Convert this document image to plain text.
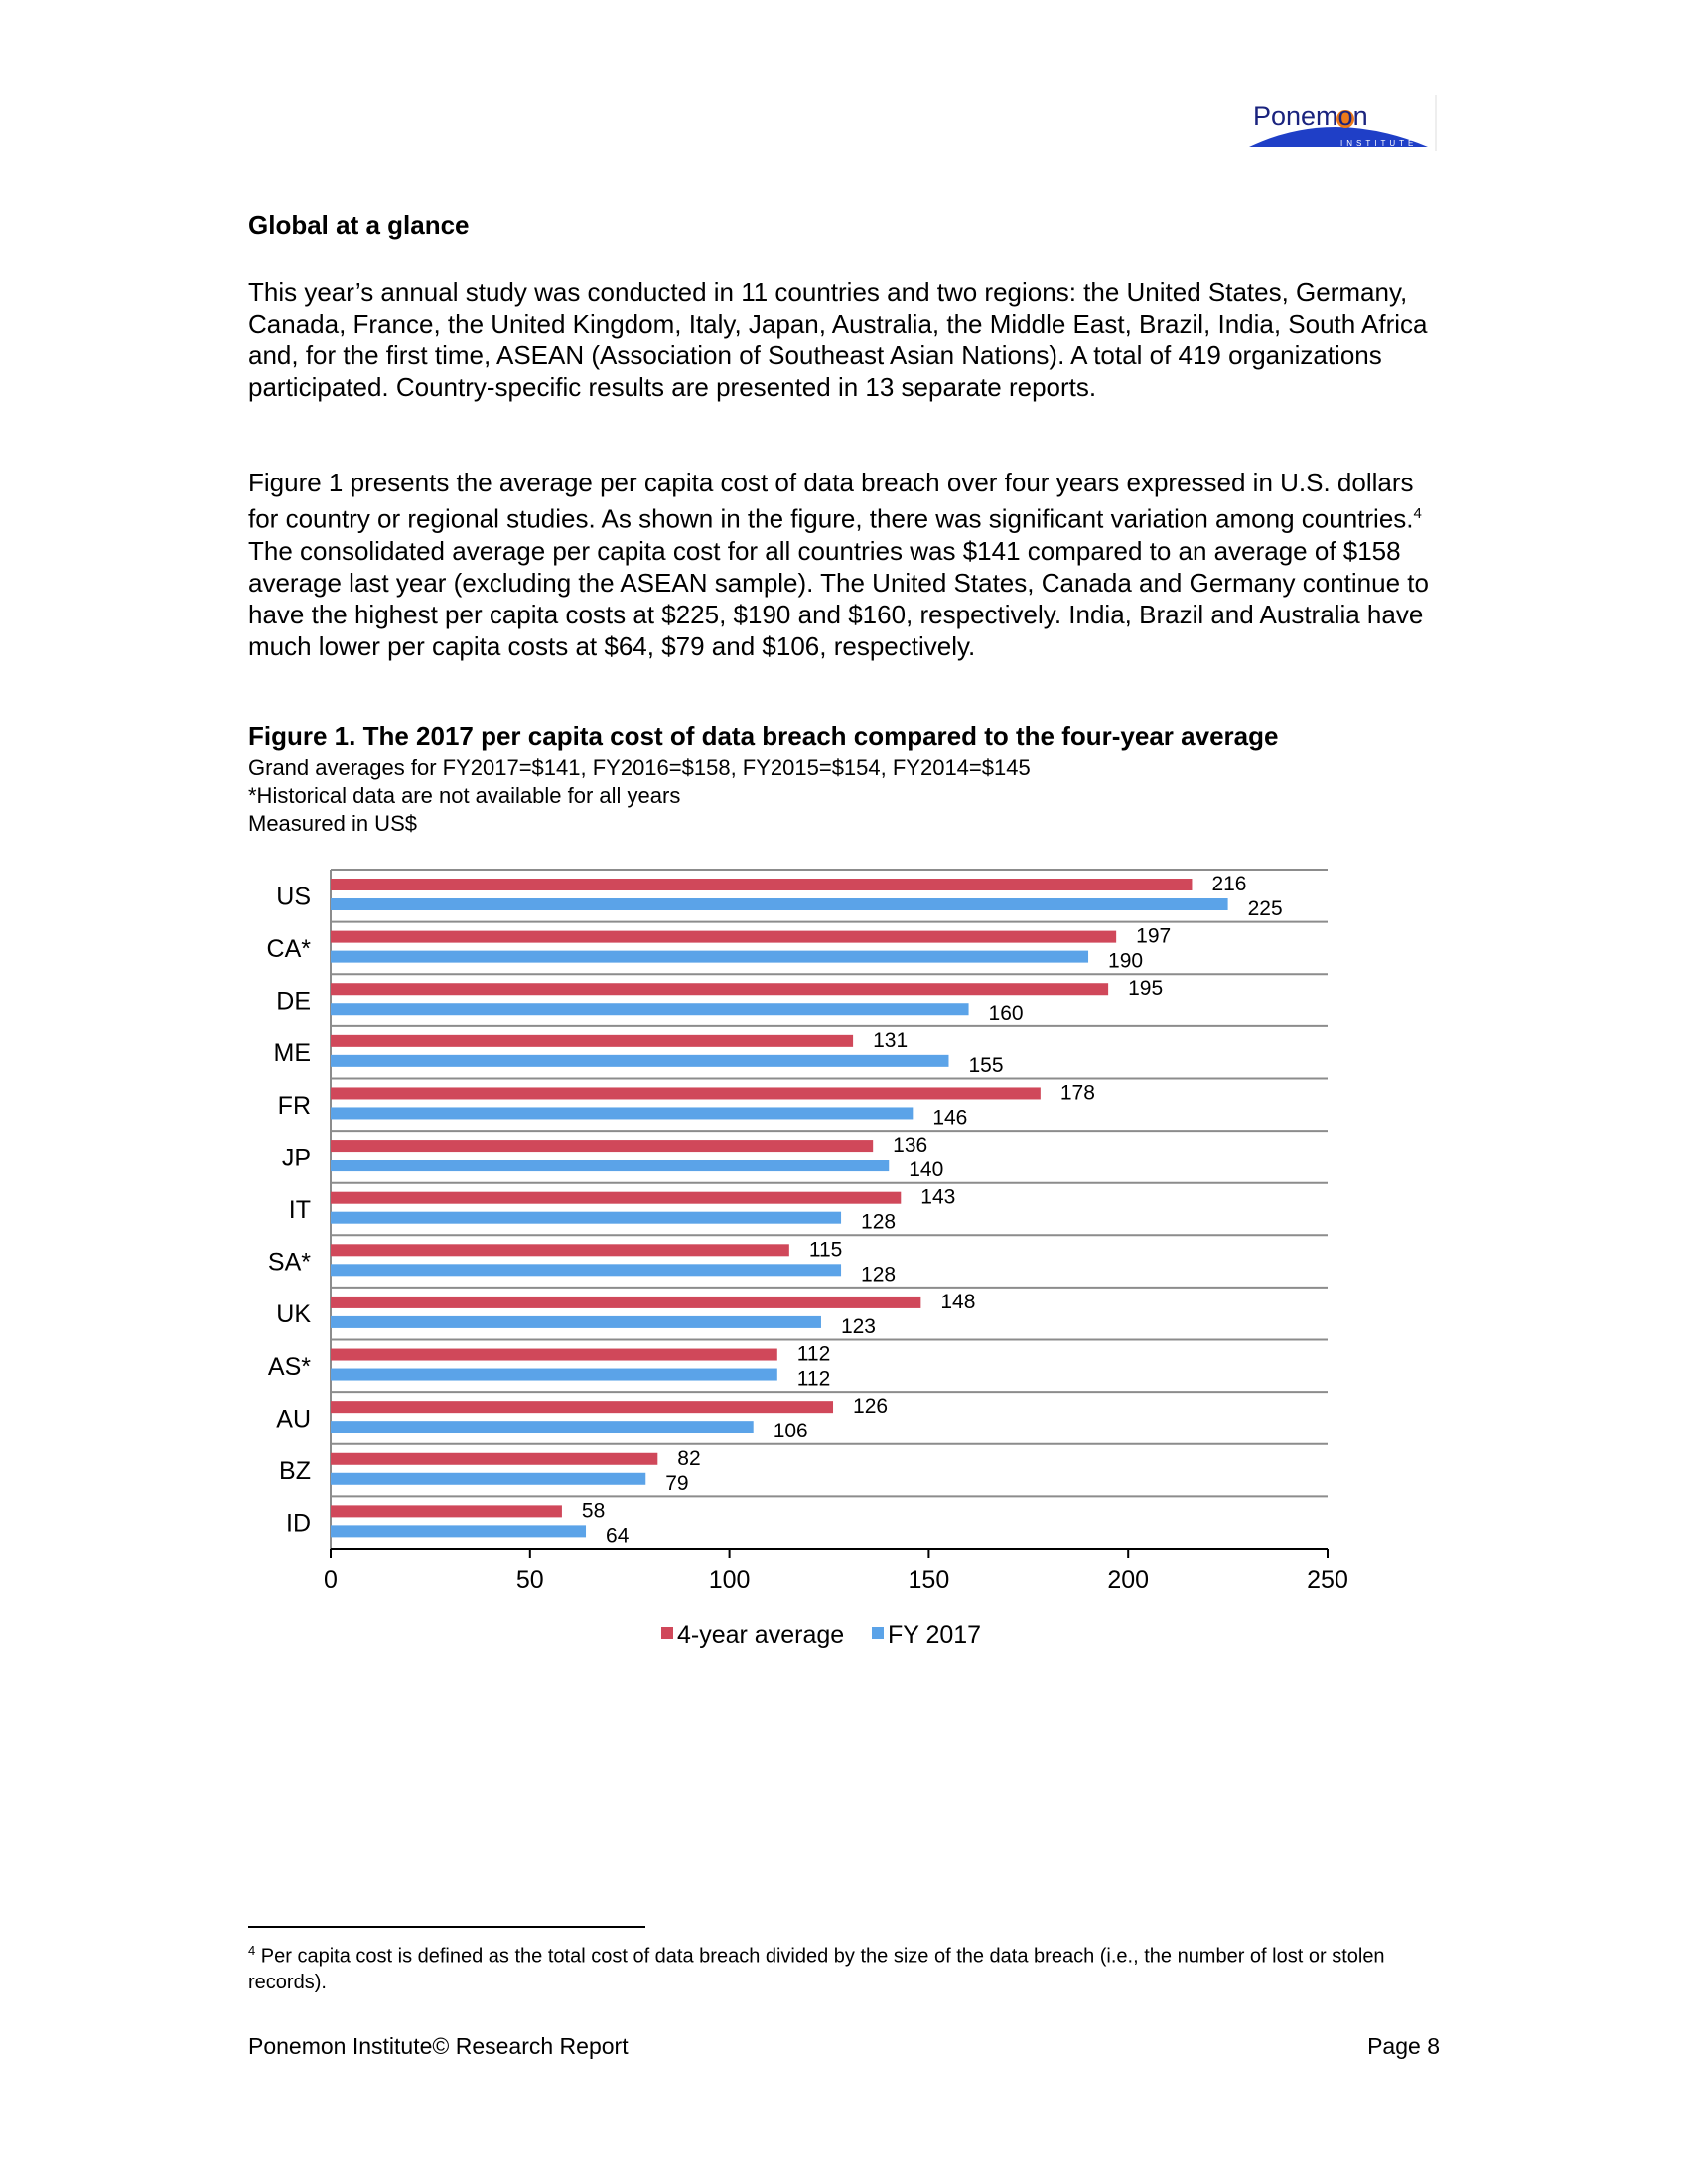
Ponemon
INSTITUTE
Global at a glance

This year’s annual study was conducted in 11 countries and two regions: the United States, Germany, Canada, France, the United Kingdom, Italy, Japan, Australia, the Middle East, Brazil, India, South Africa and, for the first time, ASEAN (Association of Southeast Asian Nations). A total of 419 organizations participated. Country-specific results are presented in 13 separate reports.

Figure 1 presents the average per capita cost of data breach over four years expressed in U.S. dollars for country or regional studies. As shown in the figure, there was significant variation among countries.$^4$ The consolidated average per capita cost for all countries was $141 compared to an average of $158 average last year (excluding the ASEAN sample). The United States, Canada and Germany continue to have the highest per capita costs at $225, $190 and $160, respectively. India, Brazil and Australia have much lower per capita costs at $64, $79 and $106, respectively.

Figure 1. The 2017 per capita cost of data breach compared to the four-year average
Grand averages for FY2017=$141, FY2016=$158, FY2015=$154, FY2014=$145
*Historical data are not available for all years
Measured in US$
US	216
225
CA*	197
190
DE	195
160
ME	131
155
FR	178
146
JP	136
140
IT	143
128
SA*	115
128
UK	148
123
AS*	112
112
AU	126
106
BZ	82
79
ID	58
64
0	50	100	150	200	250
4-year average FY 2017
$^4$ Per capita cost is defined as the total cost of data breach divided by the size of the data breach (i.e., the number of lost or stolen records).
Ponemon Institute© Research Report	Page 8
